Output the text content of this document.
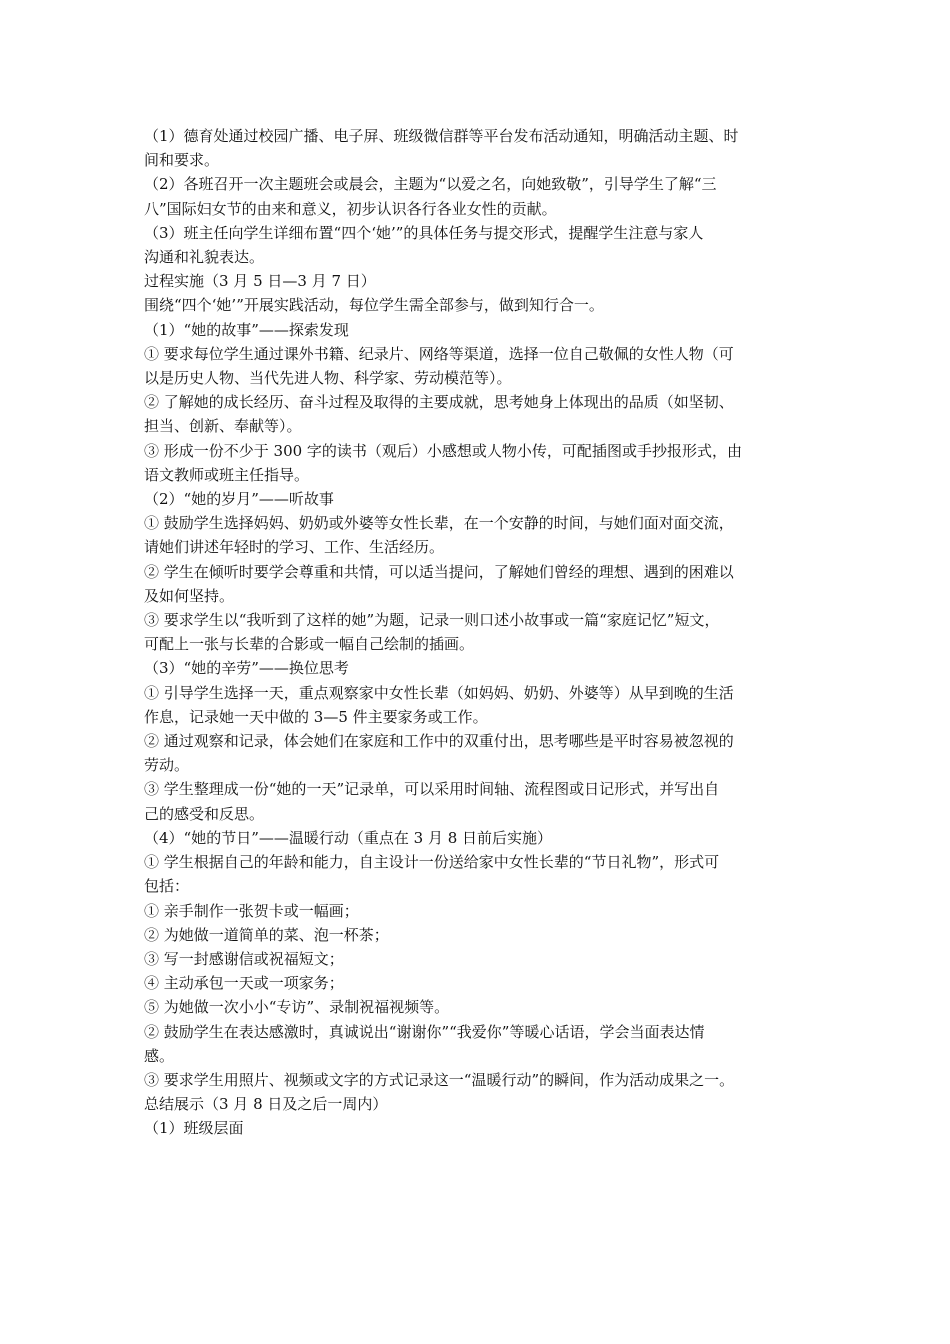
（1）德育处通过校园广播、电子屏、班级微信群等平台发布活动通知，明确活动主题、时
间和要求。
（2）各班召开一次主题班会或晨会，主题为“以爱之名，向她致敬”，引导学生了解“三
八”国际妇女节的由来和意义，初步认识各行各业女性的贡献。
（3）班主任向学生详细布置“四个‘她’”的具体任务与提交形式，提醒学生注意与家人
沟通和礼貌表达。
过程实施（3 月 5 日—3 月 7 日）
围绕“四个‘她’”开展实践活动，每位学生需全部参与，做到知行合一。
（1）“她的故事”——探索发现
① 要求每位学生通过课外书籍、纪录片、网络等渠道，选择一位自己敬佩的女性人物（可
以是历史人物、当代先进人物、科学家、劳动模范等）。
② 了解她的成长经历、奋斗过程及取得的主要成就，思考她身上体现出的品质（如坚韧、
担当、创新、奉献等）。
③ 形成一份不少于 300 字的读书（观后）小感想或人物小传，可配插图或手抄报形式，由
语文教师或班主任指导。
（2）“她的岁月”——听故事
① 鼓励学生选择妈妈、奶奶或外婆等女性长辈，在一个安静的时间，与她们面对面交流，
请她们讲述年轻时的学习、工作、生活经历。
② 学生在倾听时要学会尊重和共情，可以适当提问，了解她们曾经的理想、遇到的困难以
及如何坚持。
③ 要求学生以“我听到了这样的她”为题，记录一则口述小故事或一篇“家庭记忆”短文，
可配上一张与长辈的合影或一幅自己绘制的插画。
（3）“她的辛劳”——换位思考
① 引导学生选择一天，重点观察家中女性长辈（如妈妈、奶奶、外婆等）从早到晚的生活
作息，记录她一天中做的 3—5 件主要家务或工作。
② 通过观察和记录，体会她们在家庭和工作中的双重付出，思考哪些是平时容易被忽视的
劳动。
③ 学生整理成一份“她的一天”记录单，可以采用时间轴、流程图或日记形式，并写出自
己的感受和反思。
（4）“她的节日”——温暖行动（重点在 3 月 8 日前后实施）
① 学生根据自己的年龄和能力，自主设计一份送给家中女性长辈的“节日礼物”，形式可
包括：
① 亲手制作一张贺卡或一幅画；
② 为她做一道简单的菜、泡一杯茶；
③ 写一封感谢信或祝福短文；
④ 主动承包一天或一项家务；
⑤ 为她做一次小小“专访”、录制祝福视频等。
② 鼓励学生在表达感激时，真诚说出“谢谢你”“我爱你”等暖心话语，学会当面表达情
感。
③ 要求学生用照片、视频或文字的方式记录这一“温暖行动”的瞬间，作为活动成果之一。
总结展示（3 月 8 日及之后一周内）
（1）班级层面
